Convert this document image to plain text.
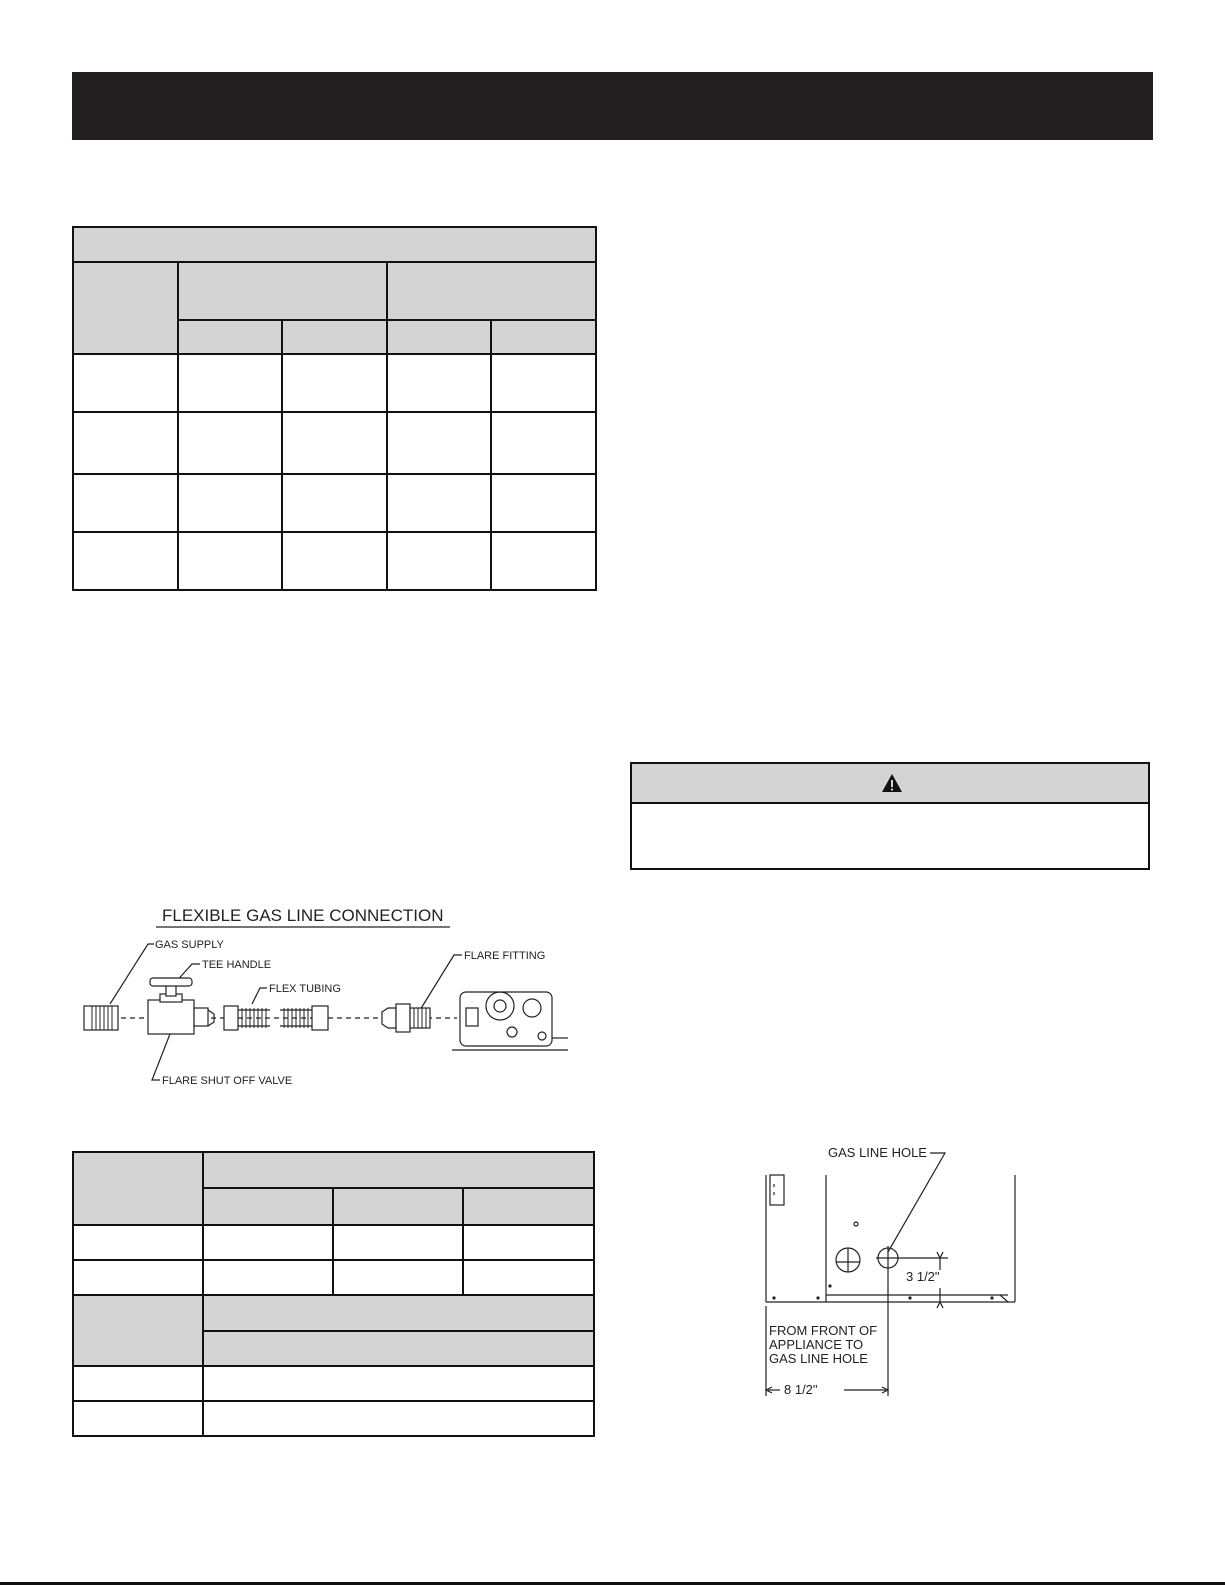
FLEXIBLE GAS LINE CONNECTION
GAS SUPPLY
TEE HANDLE
FLEX TUBING
FLARE FITTING
FLARE SHUT OFF VALVE

GAS LINE HOLE
3 1/2"
FROM FRONT OF
APPLIANCE TO
GAS LINE HOLE
8 1/2"
